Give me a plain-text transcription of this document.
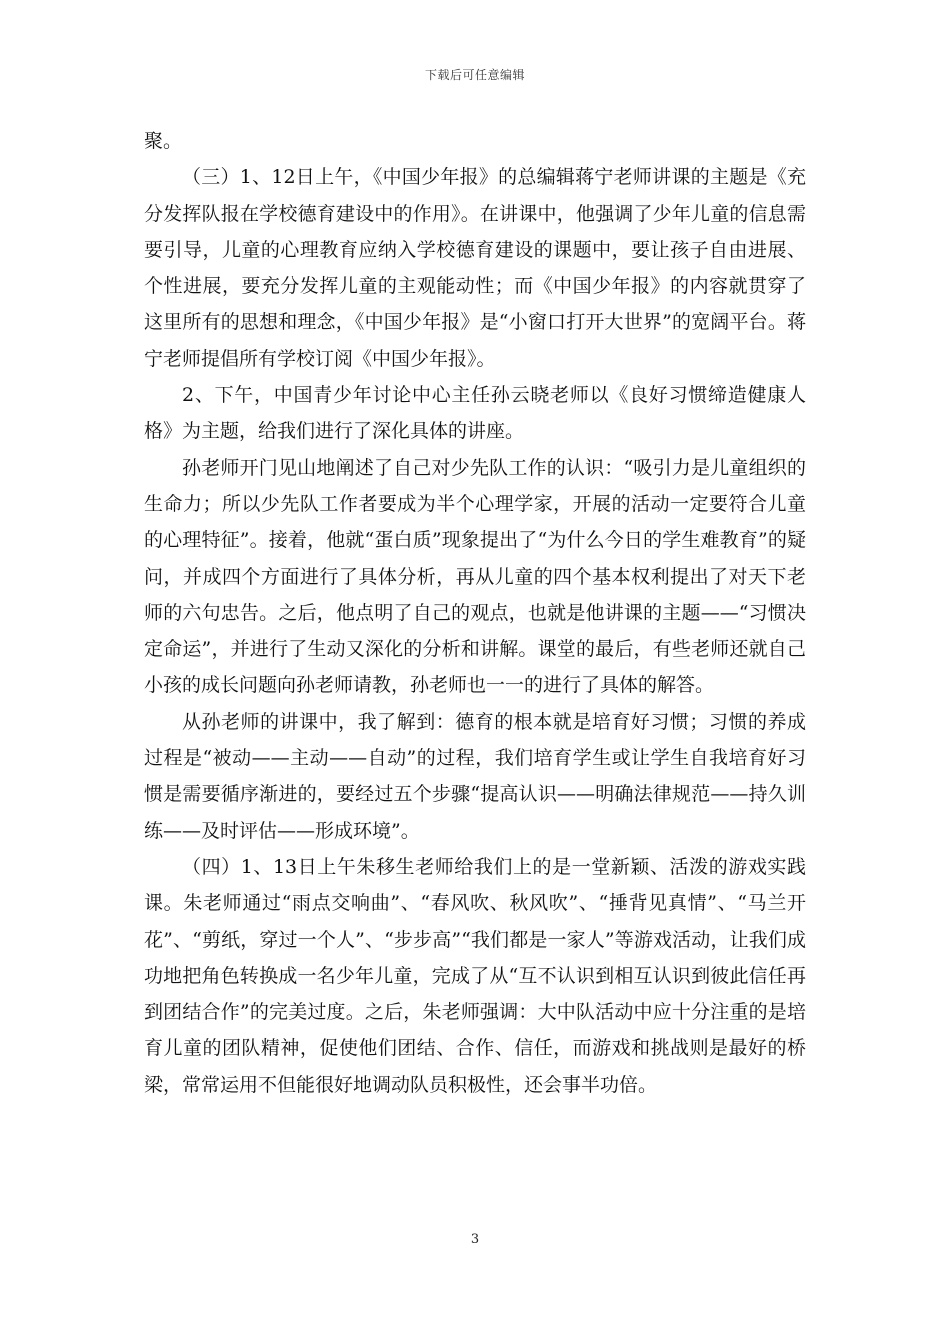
下载后可任意编辑

聚。

（三）1、12日上午，《中国少年报》的总编辑蒋宁老师讲课的主题是《充分发挥队报在学校德育建设中的作用》。在讲课中，他强调了少年儿童的信息需要引导，儿童的心理教育应纳入学校德育建设的课题中，要让孩子自由进展、个性进展，要充分发挥儿童的主观能动性；而《中国少年报》的内容就贯穿了这里所有的思想和理念，《中国少年报》是“小窗口打开大世界”的宽阔平台。蒋宁老师提倡所有学校订阅《中国少年报》。

2、下午，中国青少年讨论中心主任孙云晓老师以《良好习惯缔造健康人格》为主题，给我们进行了深化具体的讲座。

孙老师开门见山地阐述了自己对少先队工作的认识：“吸引力是儿童组织的生命力；所以少先队工作者要成为半个心理学家，开展的活动一定要符合儿童的心理特征”。接着，他就“蛋白质”现象提出了“为什么今日的学生难教育”的疑问，并成四个方面进行了具体分析，再从儿童的四个基本权利提出了对天下老师的六句忠告。之后，他点明了自己的观点，也就是他讲课的主题——“习惯决定命运”，并进行了生动又深化的分析和讲解。课堂的最后，有些老师还就自己小孩的成长问题向孙老师请教，孙老师也一一的进行了具体的解答。

从孙老师的讲课中，我了解到：德育的根本就是培育好习惯；习惯的养成过程是“被动——主动——自动”的过程，我们培育学生或让学生自我培育好习惯是需要循序渐进的，要经过五个步骤“提高认识——明确法律规范——持久训练——及时评估——形成环境”。

（四）1、13日上午朱移生老师给我们上的是一堂新颖、活泼的游戏实践课。朱老师通过“雨点交响曲”、“春风吹、秋风吹”、“捶背见真情”、“马兰开花”、“剪纸，穿过一个人”、“步步高”“我们都是一家人”等游戏活动，让我们成功地把角色转换成一名少年儿童，完成了从“互不认识到相互认识到彼此信任再到团结合作”的完美过度。之后，朱老师强调：大中队活动中应十分注重的是培育儿童的团队精神，促使他们团结、合作、信任，而游戏和挑战则是最好的桥梁，常常运用不但能很好地调动队员积极性，还会事半功倍。

3
